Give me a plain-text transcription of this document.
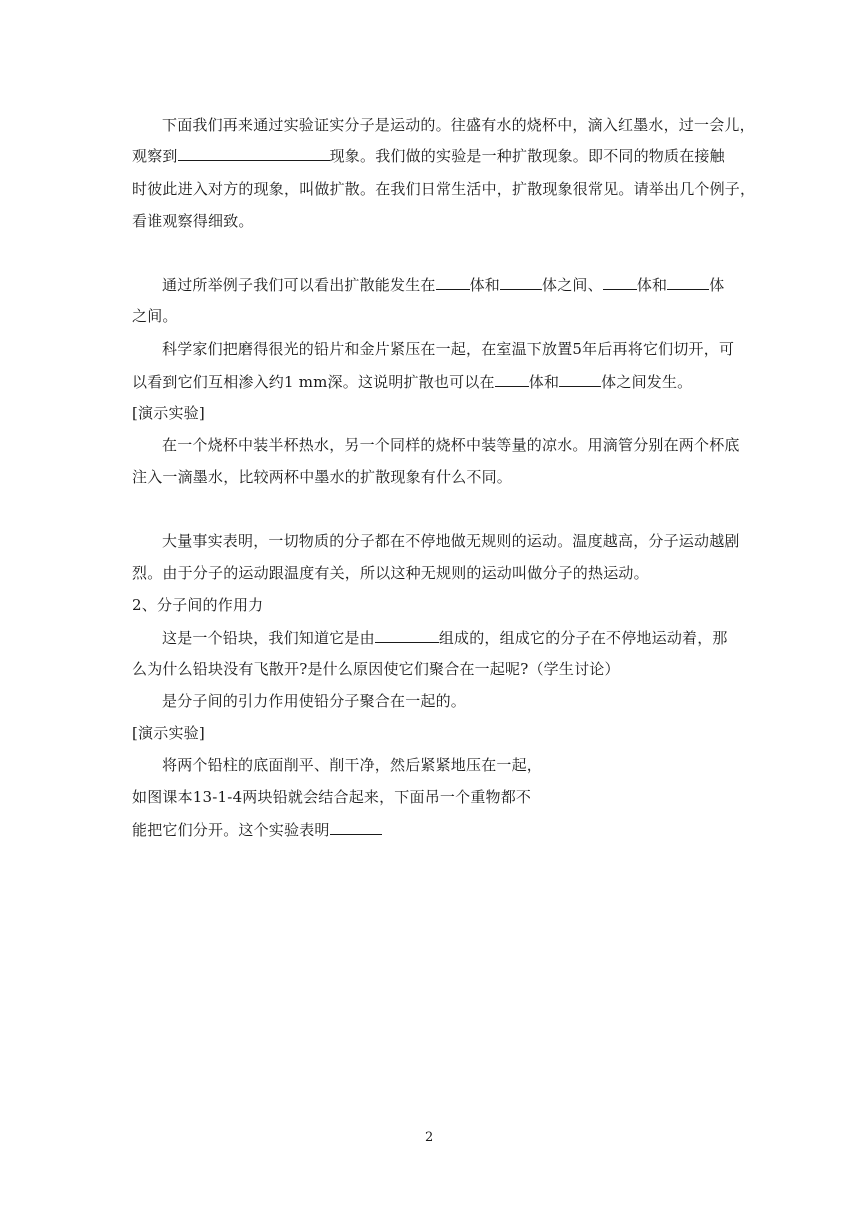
下面我们再来通过实验证实分子是运动的。往盛有水的烧杯中，滴入红墨水，过一会儿，
观察到	现象。我们做的实验是一种扩散现象。即不同的物质在接触
时彼此进入对方的现象，叫做扩散。在我们日常生活中，扩散现象很常见。请举出几个例子，
看谁观察得细致。
通过所举例子我们可以看出扩散能发生在 体和	体之间、 体和	体
之间。
科学家们把磨得很光的铅片和金片紧压在一起，在室温下放置5年后再将它们切开，可
以看到它们互相渗入约1 mm深。这说明扩散也可以在 体和	体之间发生。
[演示实验]
在一个烧杯中装半杯热水，另一个同样的烧杯中装等量的凉水。用滴管分别在两个杯底
注入一滴墨水，比较两杯中墨水的扩散现象有什么不同。
大量事实表明，一切物质的分子都在不停地做无规则的运动。温度越高，分子运动越剧
烈。由于分子的运动跟温度有关，所以这种无规则的运动叫做分子的热运动。
2、分子间的作用力
这是一个铅块，我们知道它是由	组成的，组成它的分子在不停地运动着，那
么为什么铅块没有飞散开?是什么原因使它们聚合在一起呢?（学生讨论）
是分子间的引力作用使铅分子聚合在一起的。
[演示实验]
将两个铅柱的底面削平、削干净，然后紧紧地压在一起，
如图课本13-1-4两块铅就会结合起来，下面吊一个重物都不
能把它们分开。这个实验表明
2
